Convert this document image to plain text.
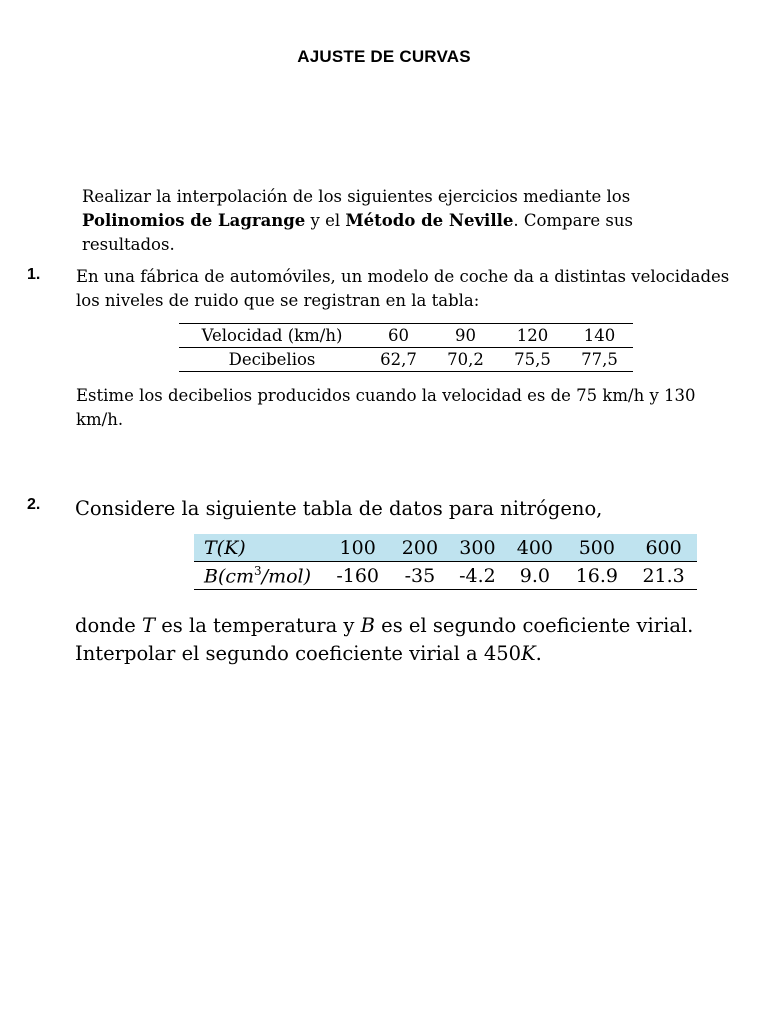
AJUSTE DE CURVAS
Realizar la interpolación de los siguientes ejercicios mediante los Polinomios de Lagrange y el Método de Neville. Compare sus resultados.
1. En una fábrica de automóviles, un modelo de coche da a distintas velocidades los niveles de ruido que se registran en la tabla:
Velocidad (km/h)	60	90	120	140
Decibelios	62,7	70,2	75,5	77,5
Estime los decibelios producidos cuando la velocidad es de 75 km/h y 130 km/h.
2. Considere la siguiente tabla de datos para nitrógeno,
T(K)	100	200	300	400	500	600
$B(cm^3/mol)$	-160	-35	-4.2	9.0	16.9	21.3
donde T es la temperatura y B es el segundo coeficiente virial.
Interpolar el segundo coeficiente virial a 450K.
